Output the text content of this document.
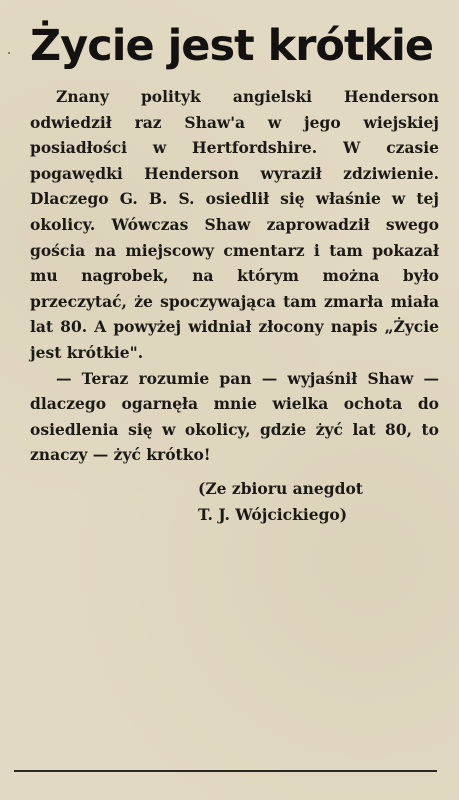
Życie jest krótkie

Znany polityk angielski Henderson odwiedził raz Shaw'a w jego wiejskiej posiadłości w Hertfordshire. W czasie pogawędki Henderson wyraził zdziwienie. Dlaczego G. B. S. osiedlił się właśnie w tej okolicy. Wówczas Shaw zaprowadził swego gościa na miejscowy cmentarz i tam pokazał mu nagrobek, na którym można było przeczytać, że spoczywająca tam zmarła miała lat 80. A powyżej widniał złocony napis „Życie jest krótkie".

— Teraz rozumie pan — wyjaśnił Shaw — dlaczego ogarnęła mnie wielka ochota do osiedlenia się w okolicy, gdzie żyć lat 80, to znaczy — żyć krótko!

(Ze zbioru anegdot
T. J. Wójcickiego)
